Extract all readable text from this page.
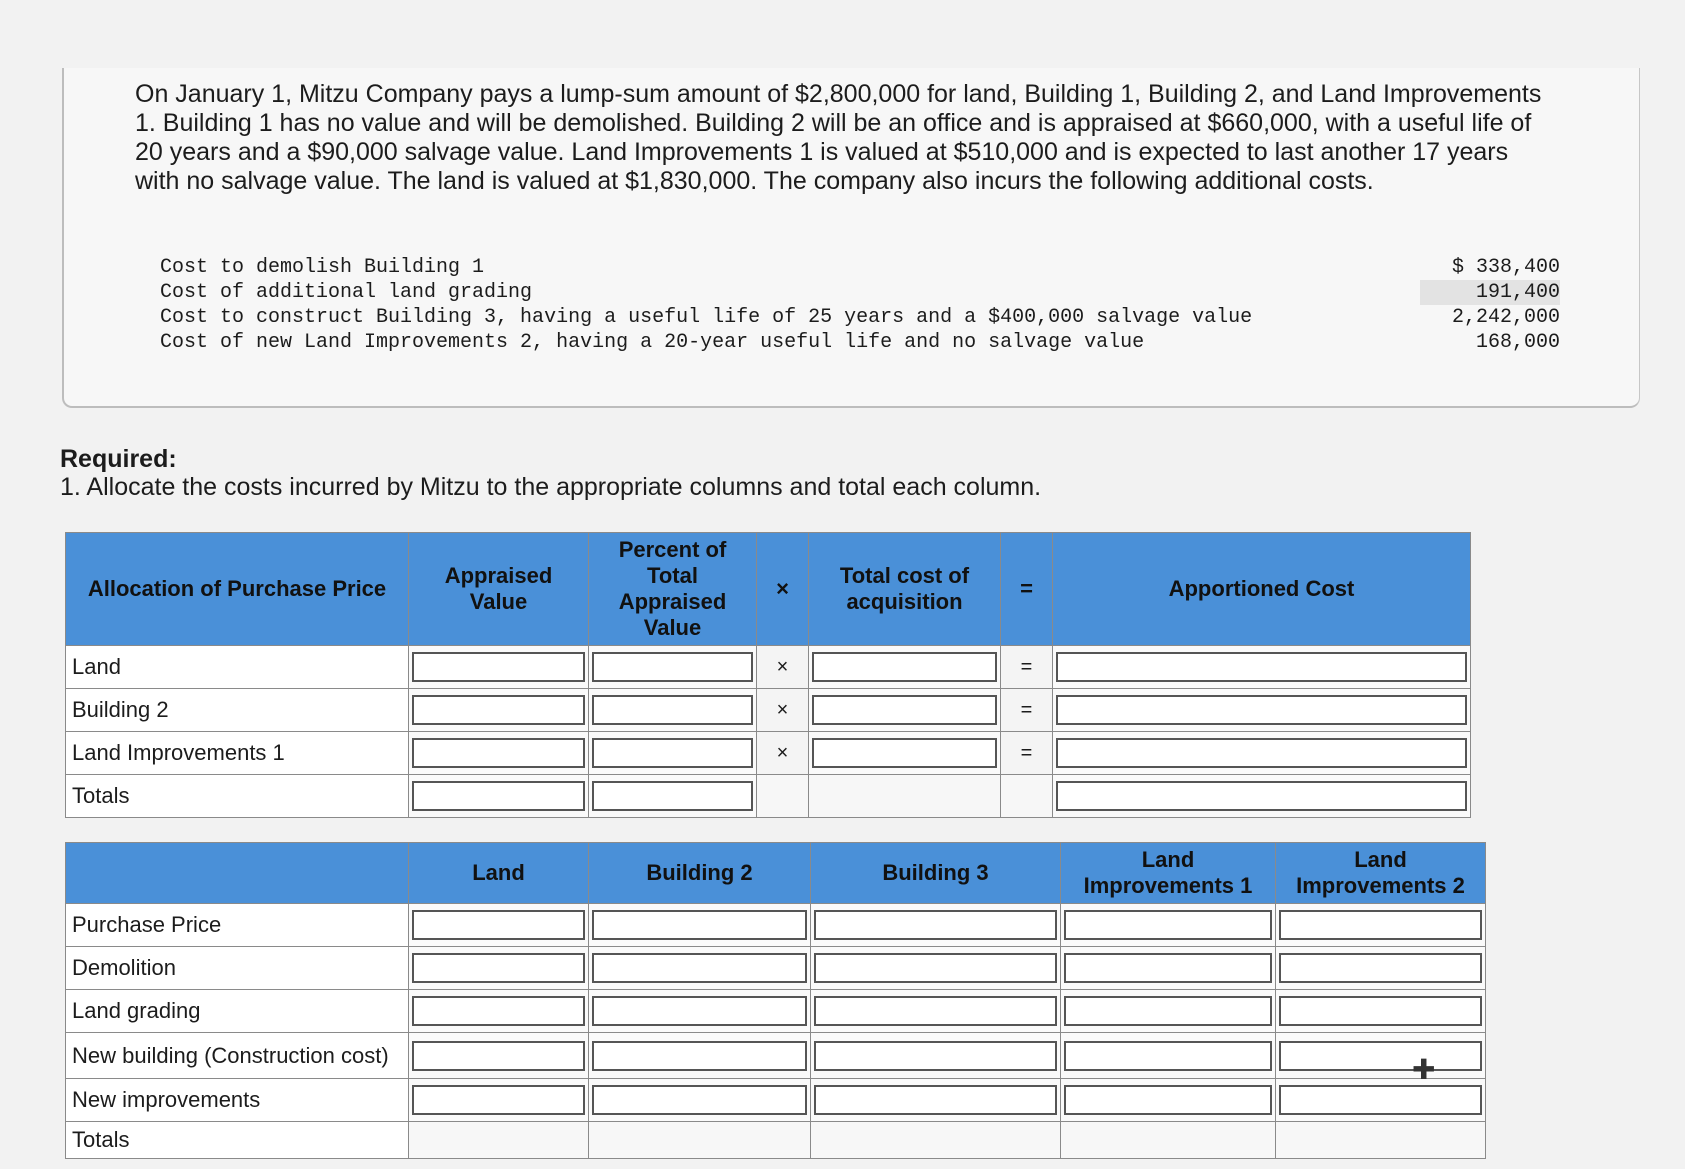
On January 1, Mitzu Company pays a lump-sum amount of $2,800,000 for land, Building 1, Building 2, and Land Improvements 1. Building 1 has no value and will be demolished. Building 2 will be an office and is appraised at $660,000, with a useful life of 20 years and a $90,000 salvage value. Land Improvements 1 is valued at $510,000 and is expected to last another 17 years with no salvage value. The land is valued at $1,830,000. The company also incurs the following additional costs.

Cost to demolish Building 1	$ 338,400
Cost of additional land grading	191,400
Cost to construct Building 3, having a useful life of 25 years and a $400,000 salvage value	2,242,000
Cost of new Land Improvements 2, having a 20-year useful life and no salvage value	168,000

Required:

1. Allocate the costs incurred by Mitzu to the appropriate columns and total each column.

Allocation of Purchase Price	Appraised Value	Percent of Total Appraised Value	×	Total cost of acquisition	=	Apportioned Cost
Land			×		=	
Building 2			×		=	
Land Improvements 1			×		=	
Totals						
	Land	Building 2	Building 3	Land Improvements 1	Land Improvements 2
Purchase Price					
Demolition					
Land grading					
New building (Construction cost)					
New improvements					
Totals					
✚
